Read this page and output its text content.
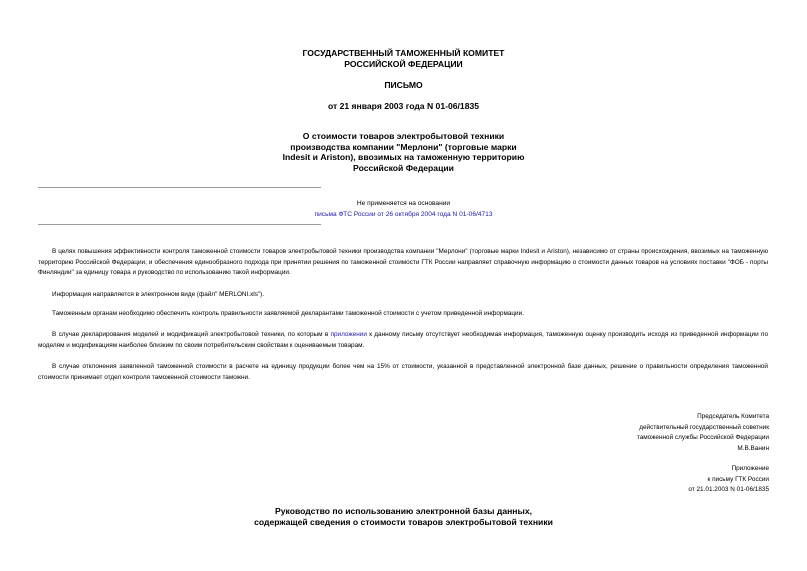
ГОСУДАРСТВЕННЫЙ ТАМОЖЕННЫЙ КОМИТЕТ
РОССИЙСКОЙ ФЕДЕРАЦИИ
ПИСЬМО
от 21 января 2003 года N 01-06/1835
О стоимости товаров электробытовой техники
производства компании "Мерлони" (торговые марки
Indesit и Ariston), ввозимых на таможенную территорию
Российской Федерации
Не применяется на основании
письма ФТС России от 26 октября 2004 года N 01-06/4713

В целях повышения эффективности контроля таможенной стоимости товаров электробытовой техники производства компании "Мерлони" (торговые марки Indesit и Ariston), независимо от страны происхождения, ввозимых на таможенную территорию Российской Федерации, и обеспечения единообразного подхода при принятии решения по таможенной стоимости ГТК России направляет справочную информацию о стоимости данных товаров на условиях поставки "ФОБ - порты Финляндии" за единицу товара и руководство по использованию такой информации.

Информация направляется в электронном виде (файл" MERLONI.xls").

Таможенным органам необходимо обеспечить контроль правильности заявляемой декларантами таможенной стоимости с учетом приведенной информации.

В случае декларирования моделей и модификаций электробытовой техники, по которым в приложении к данному письму отсутствует необходимая информация, таможенную оценку производить исходя из приведенной информации по моделям и модификациям наиболее близким по своим потребительским свойствам к оцениваемым товарам.

В случае отклонения заявленной таможенной стоимости в расчете на единицу продукции более чем на 15% от стоимости, указанной в представленной электронной базе данных, решение о правильности определения таможенной стоимости принимает отдел контроля таможенной стоимости таможни.

Председатель Комитета
действительный государственный советник
таможенной службы Российской Федерации
М.В.Ванин
Приложение
к письму ГТК России
от 21.01.2003 N 01-06/1835
Руководство по использованию электронной базы данных,
содержащей сведения о стоимости товаров электробытовой техники
